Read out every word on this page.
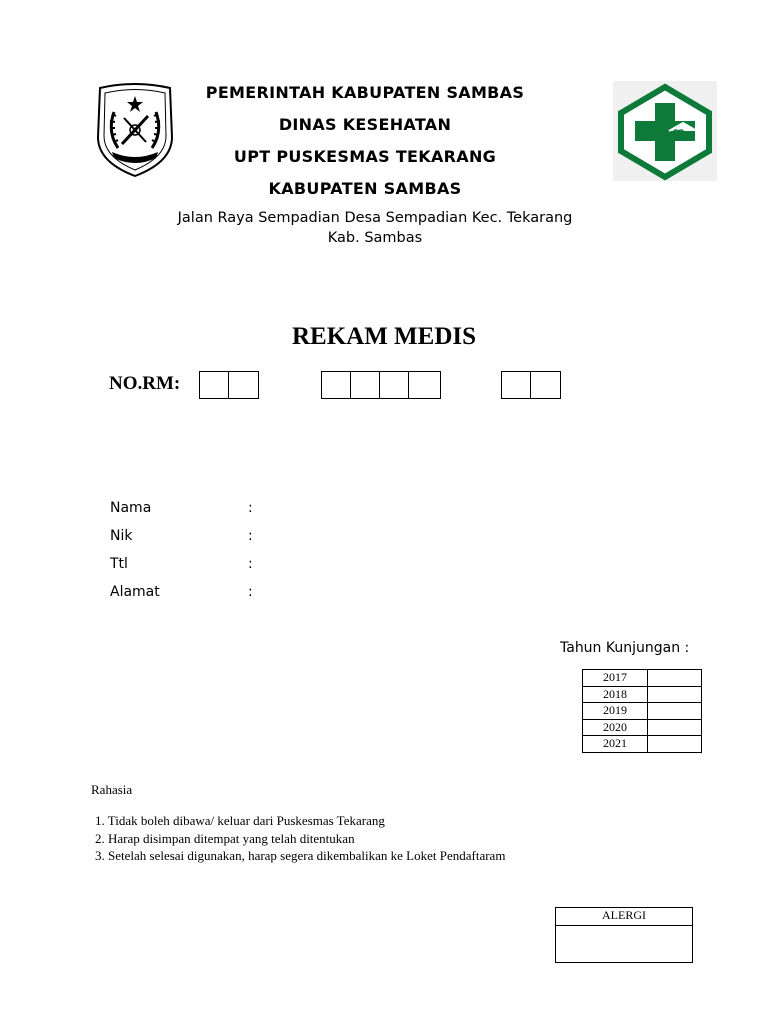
PEMERINTAH KABUPATEN SAMBAS
DINAS KESEHATAN
UPT PUSKESMAS TEKARANG
KABUPATEN SAMBAS
Jalan Raya Sempadian Desa Sempadian Kec. Tekarang
Kab. Sambas
REKAM MEDIS
NO.RM:
Nama	:
Nik	:
Ttl	:
Alamat	:
Tahun Kunjungan :
2017	
2018	
2019	
2020	
2021	
Rahasia
1. Tidak boleh dibawa/ keluar dari Puskesmas Tekarang
2. Harap disimpan ditempat yang telah ditentukan
3. Setelah selesai digunakan, harap segera dikembalikan ke Loket Pendaftaram
ALERGI
